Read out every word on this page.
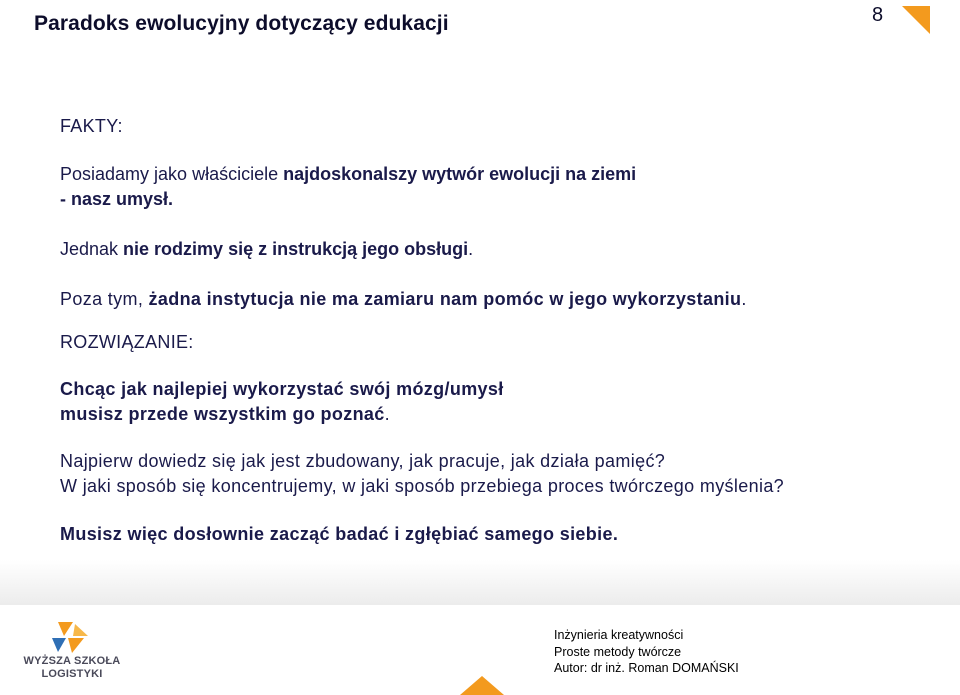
Paradoks ewolucyjny dotyczący edukacji	8

FAKTY:

Posiadamy jako właściciele najdoskonalszy wytwór ewolucji na ziemi

- nasz umysł.

Jednak nie rodzimy się z instrukcją jego obsługi.

Poza tym, żadna instytucja nie ma zamiaru nam pomóc w jego wykorzystaniu.

ROZWIĄZANIE:

Chcąc jak najlepiej wykorzystać swój mózg/umysł

musisz przede wszystkim go poznać.

Najpierw dowiedz się jak jest zbudowany, jak pracuje, jak działa pamięć?

W jaki sposób się koncentrujemy, w jaki sposób przebiega proces twórczego myślenia?

Musisz więc dosłownie zacząć badać i zgłębiać samego siebie.

WYŻSZA SZKOŁA
LOGISTYKI
Inżynieria kreatywności
Proste metody twórcze
Autor: dr inż. Roman DOMAŃSKI
